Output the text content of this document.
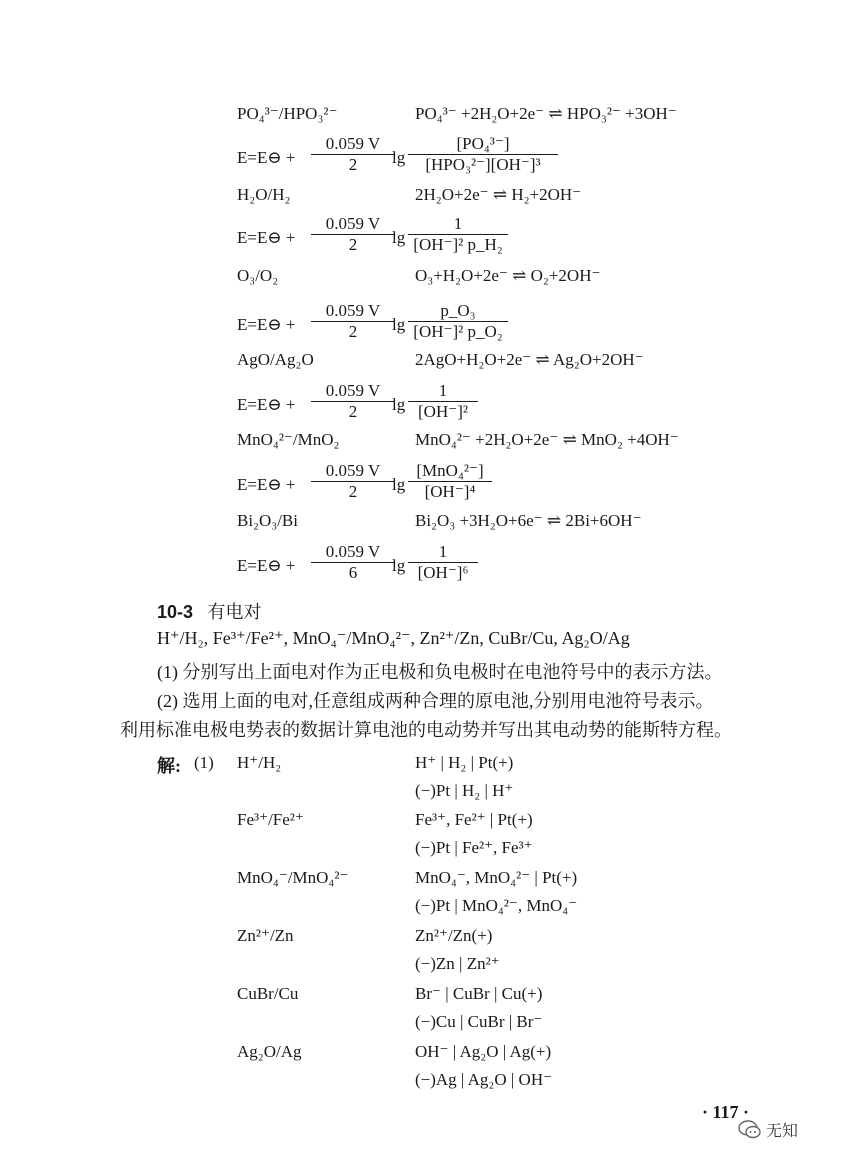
PO₄³⁻/HPO₃²⁻	PO₄³⁻ +2H₂O+2e⁻ ⇌ HPO₃²⁻ +3OH⁻
E=E⊖ + $\frac{0.059 V}{2}$
lg
[PO₄³⁻]
[HPO₃²⁻][OH⁻]³
H₂O/H₂	2H₂O+2e⁻ ⇌ H₂+2OH⁻
E=E⊖ + $\frac{0.059 V}{2}$
$\lg \frac{1}{\text{[OH⁻]² p\_H₂}}$
O₃/O₂	O₃+H₂O+2e⁻ ⇌ O₂+2OH⁻
E=E⊖ + $\frac{0.059 V}{2}$
$\lg \frac{\text{p\_O₃}}{\text{[OH⁻]² p\_O₂}}$
AgO/Ag₂O	2AgO+H₂O+2e⁻ ⇌ Ag₂O+2OH⁻
E=E⊖ + $\frac{0.059 V}{2}$
$\lg \frac{1}{\text{[OH⁻]²}}$
MnO₄²⁻/MnO₂	MnO₄²⁻ +2H₂O+2e⁻ ⇌ MnO₂ +4OH⁻
E=E⊖ + $\frac{0.059 V}{2}$
lg
[MnO₄²⁻]
[OH⁻]⁴
Bi₂O₃/Bi	Bi₂O₃ +3H₂O+6e⁻ ⇌ 2Bi+6OH⁻
E=E⊖ + $\frac{0.059 V}{6}$
$\lg \frac{1}{\text{[OH⁻]⁶}}$
10-3 有电对
H⁺/H₂, Fe³⁺/Fe²⁺, MnO₄⁻/MnO₄²⁻, Zn²⁺/Zn, CuBr/Cu, Ag₂O/Ag
(1) 分别写出上面电对作为正电极和负电极时在电池符号中的表示方法。
(2) 选用上面的电对,任意组成两种合理的原电池,分别用电池符号表示。
利用标准电极电势表的数据计算电池的电动势并写出其电动势的能斯特方程。
解: (1) H⁺/H₂	H⁺ | H₂ | Pt(+)
(−)Pt | H₂ | H⁺
Fe³⁺/Fe²⁺	Fe³⁺, Fe²⁺ | Pt(+)
(−)Pt | Fe²⁺, Fe³⁺
MnO₄⁻/MnO₄²⁻	MnO₄⁻, MnO₄²⁻ | Pt(+)
(−)Pt | MnO₄²⁻, MnO₄⁻
Zn²⁺/Zn	Zn²⁺/Zn(+)
(−)Zn | Zn²⁺
CuBr/Cu	Br⁻ | CuBr | Cu(+)
(−)Cu | CuBr | Br⁻
Ag₂O/Ag	OH⁻ | Ag₂O | Ag(+)
(−)Ag | Ag₂O | OH⁻
· 117 ·
无知
